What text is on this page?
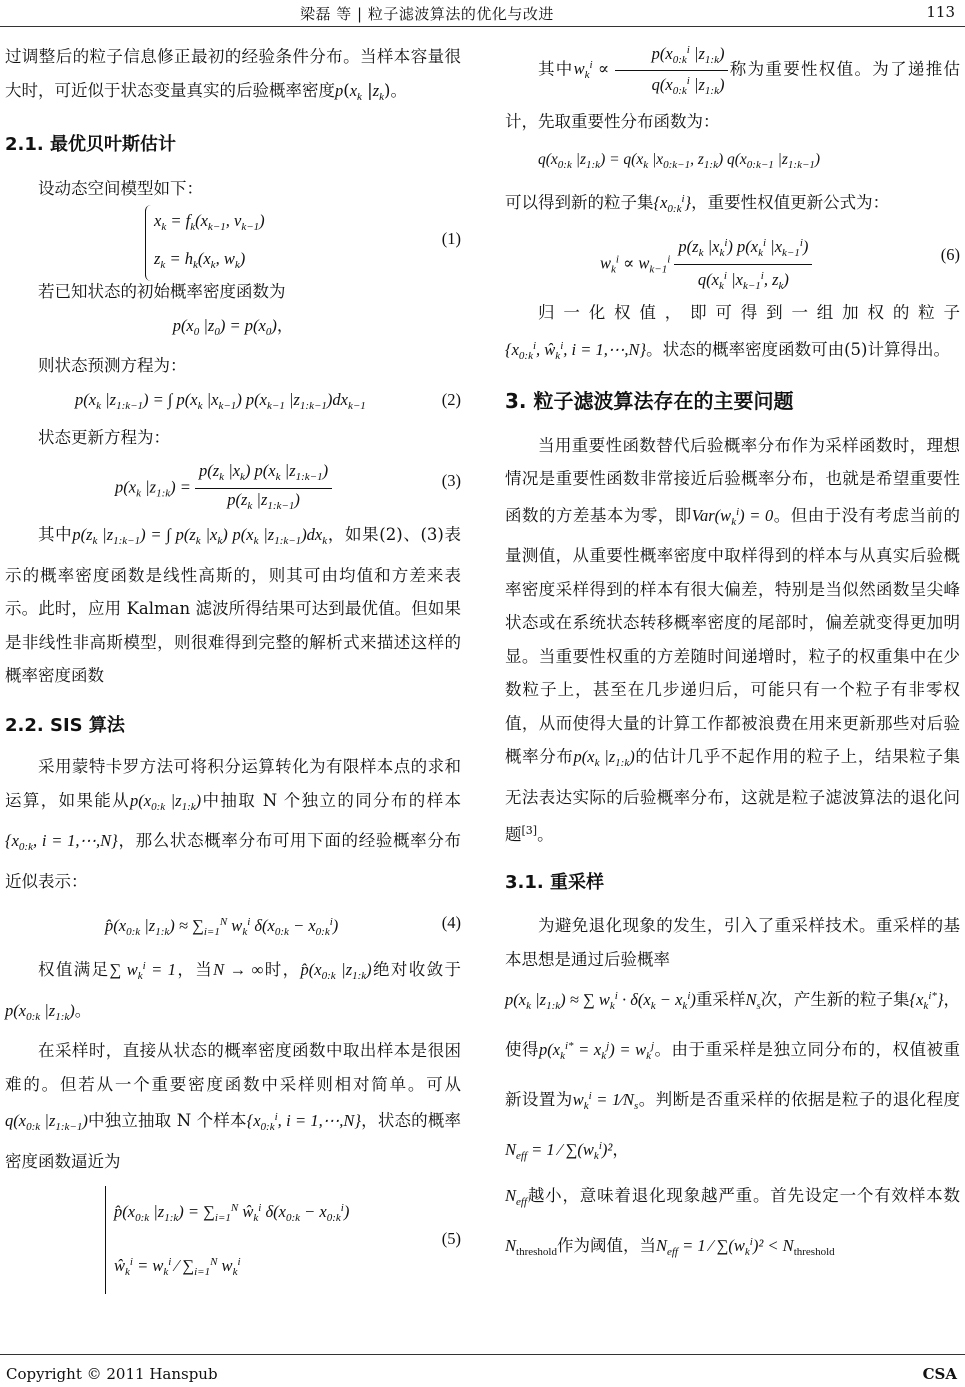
梁磊 等 | 粒子滤波算法的优化与改进	113

过调整后的粒子信息修正最初的经验条件分布。当样本容量很大时，可近似于状态变量真实的后验概率密度$p(x_k$ $|z_k$)。

2.1. 最优贝叶斯估计

设动态空间模型如下：

$x_k = f_k(x_{k-1}$, $v_{k-1}$)
$z_k = h_k(x_k$, $w_k$)
(1)

若已知状态的初始概率密度函数为

$p(x_0$ $|z_0) = p(x_0)$，

则状态预测方程为：

$p(x_k$ $|z_{1:k-1}$) = ∫ $p(x_k$ $|x_{k-1}$) $p(x_{k-1}$ $|z_{1:k-1})dx_{k-1}$	(2)

状态更新方程为：

$p(x_k$ $|z_{1:k}) = \frac{p(z_k |x_k) p(x_k |z_{1:k-1})}{p(z_k |z_{1:k-1})}$	(3)

其中$p(z_k$ $|z_{1:k-1}$) = ∫ $p(z_k$ $|x_k$) $p(x_k$ $|z_{1:k-1})dx_k$，如果(2)、(3)表示的概率密度函数是线性高斯的，则其可由均值和方差来表示。此时，应用 Kalman 滤波所得结果可达到最优值。但如果是非线性非高斯模型，则很难得到完整的解析式来描述这样的概率密度函数

2.2. SIS 算法

采用蒙特卡罗方法可将积分运算转化为有限样本点的求和运算，如果能从$p(x_{0:k}$ $|z_{1:k}$)中抽取 N 个独立的同分布的样本{$x_{0:k}$, i = 1,⋯,N}，那么状态概率分布可用下面的经验概率分布近似表示：

$p̂(x_{0:k}$ $|z_{1:k}) \approx \sum_{i=1}^N$ $w_k^i$ $\delta(x_{0:k} - x_{0:k}^i)$	(4)

权值满足∑ $w_k^i = 1$，当N → ∞时，$p̂(x_{0:k}$ $|z_{1:k}$)绝对收敛于$p(x_{0:k}$ $|z_{1:k}$)。

在采样时，直接从状态的概率密度函数中取出样本是很困难的。但若从一个重要密度函数中采样则相对简单。可从$q(x_{0:k}$ $|z_{1:k-1}$)中独立抽取 N 个样本{$x_{0:k}^i$, i = 1,⋯,N}，状态的概率密度函数逼近为

$p̂(x_{0:k}$ $|z_{1:k}) = \sum_{i=1}^N$ $ŵ_k^i$ $\delta(x_{0:k} - x_{0:k}^i)$
$ŵ_k^i = w_k^i$ ⁄ $\sum_{i=1}^N$ $w_k^i$
(5)

其中$w_k^i \propto \frac{p(x_{0:k}^i |z_{1:k})}{q(x_{0:k}^i |z_{1:k})}$ 称为重要性权值。为了递推估计，先取重要性分布函数为：

$q(x_{0:k}$ $|z_{1:k}) = q(x_k$ $|x_{0:k-1}$, $z_{1:k}$) $q(x_{0:k-1}$ $|z_{1:k-1}$)

可以得到新的粒子集$\{x_{0:k}^i\}$，重要性权值更新公式为：

$w_k^i \propto w_{k-1}^i \frac{p(z_k |x_k^i) p(x_k^i |x_{k-1}^i)}{q(x_k^i |x_{k-1}^i, z_k)}$	(6)

归一化权值，即可得到一组加权的粒子{$x_{0:k}^i$, $ŵ_k^i$, i = 1,⋯,N}。状态的概率密度函数可由(5)计算得出。

3. 粒子滤波算法存在的主要问题

当用重要性函数替代后验概率分布作为采样函数时，理想情况是重要性函数非常接近后验概率分布，也就是希望重要性函数的方差基本为零，即$Var(w_k^i) = 0$。但由于没有考虑当前的量测值，从重要性概率密度中取样得到的样本与从真实后验概率密度采样得到的样本有很大偏差，特别是当似然函数呈尖峰状态或在系统状态转移概率密度的尾部时，偏差就变得更加明显。当重要性权重的方差随时间递增时，粒子的权重集中在少数粒子上，甚至在几步递归后，可能只有一个粒子有非零权值，从而使得大量的计算工作都被浪费在用来更新那些对后验概率分布$p(x_k$ $|z_{1:k}$)的估计几乎不起作用的粒子上，结果粒子集无法表达实际的后验概率分布，这就是粒子滤波算法的退化问题[3]。

3.1. 重采样

为避免退化现象的发生，引入了重采样技术。重采样的基本思想是通过后验概率

$p(x_k$ $|z_{1:k}$) ≈ ∑ $w_k^i \cdot \delta(x_k - x_k^i)$重采样$N_s$次，产生新的粒子集$\{x_k^{i*}\}$，使得$p(x_k^{i*} = x_k^j) = w_k^j$。由于重采样是独立同分布的，权值被重新设置为$w_k^i$ = $1⁄N_s$。判断是否重采样的依据是粒子的退化程度$N_{eff} = 1$ ⁄ $\sum(w_k^i)^2$，

$N_{eff}$越小，意味着退化现象越严重。首先设定一个有效样本数$N_{threshold}$作为阈值，当$N_{eff} = 1$ ⁄ $\sum(w_k^i)^2 < N_{threshold}$

Copyright © 2011 Hanspub	CSA
